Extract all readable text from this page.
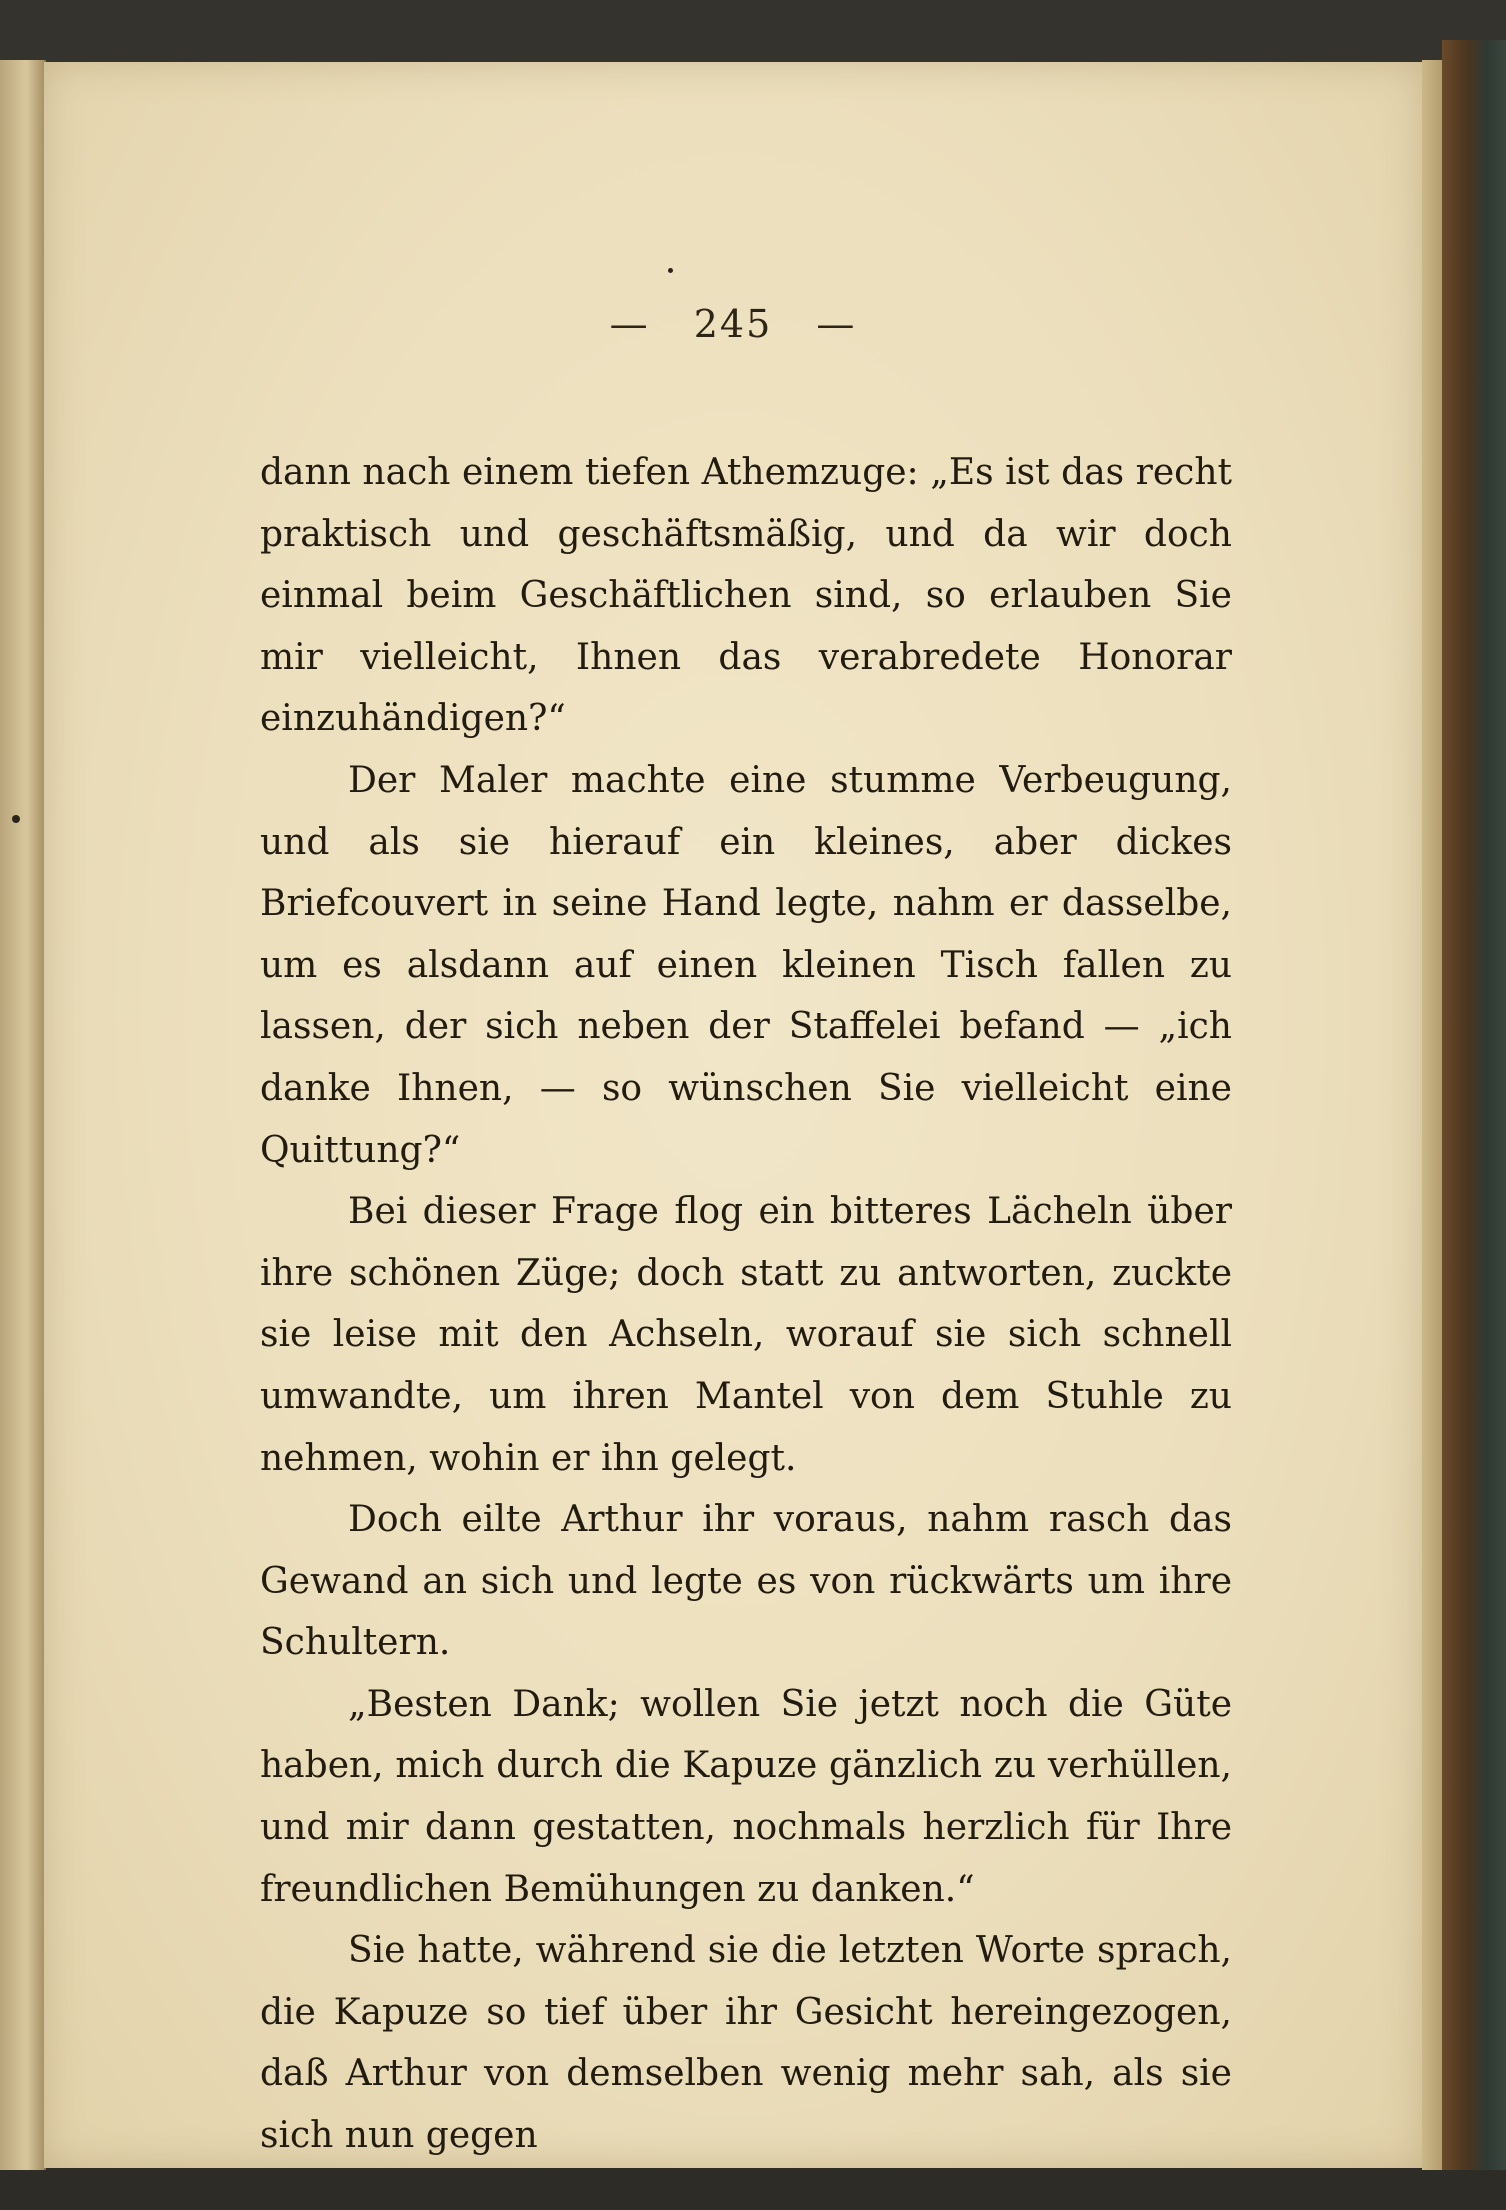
— 245 —

dann nach einem tiefen Athemzuge: „Es ist das recht praktisch und geschäftsmäßig, und da wir doch einmal beim Geschäftlichen sind, so erlauben Sie mir vielleicht, Ihnen das verabredete Honorar einzuhändigen?“

Der Maler machte eine stumme Verbeugung, und als sie hierauf ein kleines, aber dickes Briefcouvert in seine Hand legte, nahm er dasselbe, um es alsdann auf einen kleinen Tisch fallen zu lassen, der sich neben der Staffelei befand — „ich danke Ihnen, — so wünschen Sie vielleicht eine Quittung?“

Bei dieser Frage flog ein bitteres Lächeln über ihre schönen Züge; doch statt zu antworten, zuckte sie leise mit den Achseln, worauf sie sich schnell umwandte, um ihren Mantel von dem Stuhle zu nehmen, wohin er ihn gelegt.

Doch eilte Arthur ihr voraus, nahm rasch das Gewand an sich und legte es von rückwärts um ihre Schultern.

„Besten Dank; wollen Sie jetzt noch die Güte haben, mich durch die Kapuze gänzlich zu verhüllen, und mir dann gestatten, nochmals herzlich für Ihre freundlichen Bemühungen zu danken.“

Sie hatte, während sie die letzten Worte sprach, die Kapuze so tief über ihr Gesicht hereingezogen, daß Arthur von demselben wenig mehr sah, als sie sich nun gegen
